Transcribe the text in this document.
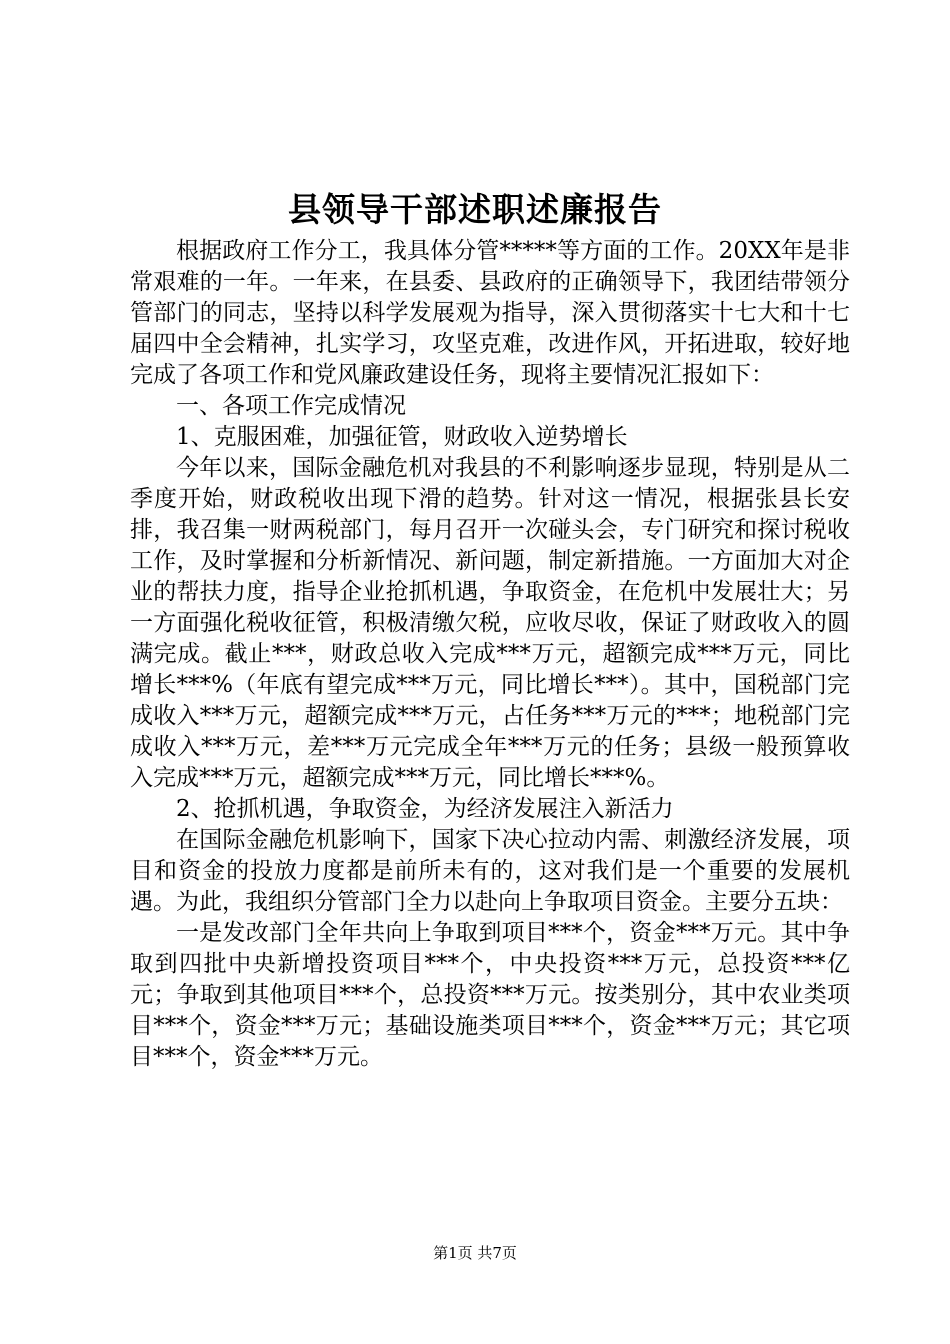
县领导干部述职述廉报告

根据政府工作分工，我具体分管*****等方面的工作。20XX年是非常艰难的一年。一年来，在县委、县政府的正确领导下，我团结带领分管部门的同志，坚持以科学发展观为指导，深入贯彻落实十七大和十七届四中全会精神，扎实学习，攻坚克难，改进作风，开拓进取，较好地完成了各项工作和党风廉政建设任务，现将主要情况汇报如下：

一、各项工作完成情况

1、克服困难，加强征管，财政收入逆势增长

今年以来，国际金融危机对我县的不利影响逐步显现，特别是从二季度开始，财政税收出现下滑的趋势。针对这一情况，根据张县长安排，我召集一财两税部门，每月召开一次碰头会，专门研究和探讨税收工作，及时掌握和分析新情况、新问题，制定新措施。一方面加大对企业的帮扶力度，指导企业抢抓机遇，争取资金，在危机中发展壮大；另一方面强化税收征管，积极清缴欠税，应收尽收，保证了财政收入的圆满完成。截止***，财政总收入完成***万元，超额完成***万元，同比增长***%（年底有望完成***万元，同比增长***）。其中，国税部门完成收入***万元，超额完成***万元，占任务***万元的***；地税部门完成收入***万元，差***万元完成全年***万元的任务；县级一般预算收入完成***万元，超额完成***万元，同比增长***%。

2、抢抓机遇，争取资金，为经济发展注入新活力

在国际金融危机影响下，国家下决心拉动内需、刺激经济发展，项目和资金的投放力度都是前所未有的，这对我们是一个重要的发展机遇。为此，我组织分管部门全力以赴向上争取项目资金。主要分五块：

一是发改部门全年共向上争取到项目***个，资金***万元。其中争取到四批中央新增投资项目***个，中央投资***万元，总投资***亿元；争取到其他项目***个，总投资***万元。按类别分，其中农业类项目***个，资金***万元；基础设施类项目***个，资金***万元；其它项目***个，资金***万元。

第1页 共7页
